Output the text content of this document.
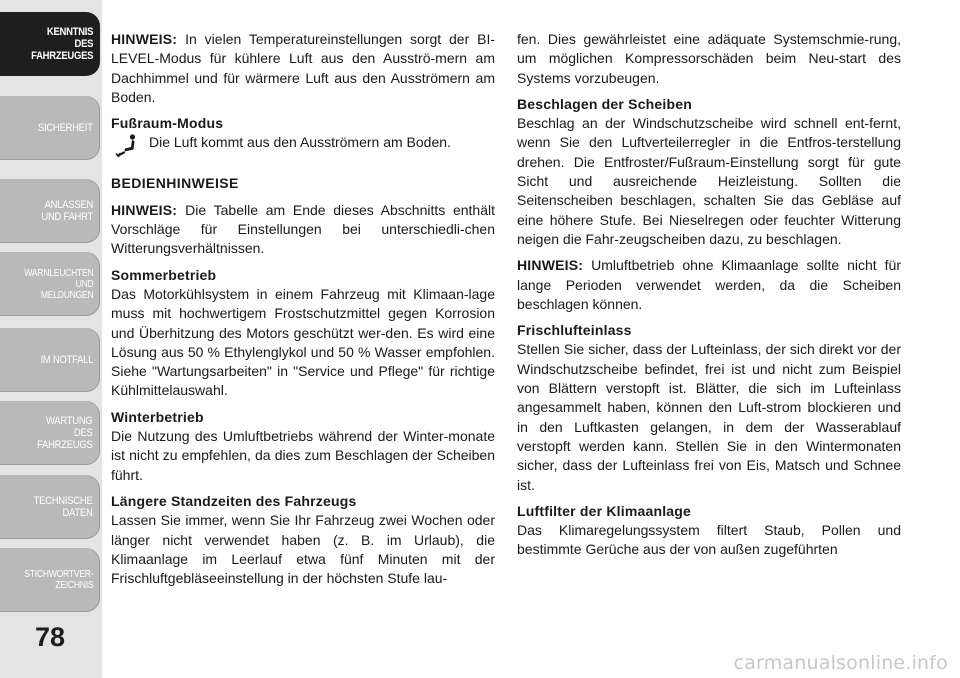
KENNTNIS
DES
FAHRZEUGES
SICHERHEIT
ANLASSEN
UND FAHRT
WARNLEUCHTEN
UND
MELDUNGEN
IM NOTFALL
WARTUNG
DES
FAHRZEUGS
TECHNISCHE
DATEN
STICHWORTVER-
ZEICHNIS
78

HINWEIS: In vielen Temperatureinstellungen sorgt der BI-LEVEL-Modus für kühlere Luft aus den Ausströ-mern am Dachhimmel und für wärmere Luft aus den Ausströmern am Boden.

Fußraum-Modus

Die Luft kommt aus den Ausströmern am Boden.

BEDIENHINWEISE

HINWEIS: Die Tabelle am Ende dieses Abschnitts enthält Vorschläge für Einstellungen bei unterschiedli-chen Witterungsverhältnissen.

Sommerbetrieb

Das Motorkühlsystem in einem Fahrzeug mit Klimaan-lage muss mit hochwertigem Frostschutzmittel gegen Korrosion und Überhitzung des Motors geschützt wer-den. Es wird eine Lösung aus 50 % Ethylenglykol und 50 % Wasser empfohlen. Siehe "Wartungsarbeiten" in "Service und Pflege" für richtige Kühlmittelauswahl.

Winterbetrieb

Die Nutzung des Umluftbetriebs während der Winter-monate ist nicht zu empfehlen, da dies zum Beschlagen der Scheiben führt.

Längere Standzeiten des Fahrzeugs

Lassen Sie immer, wenn Sie Ihr Fahrzeug zwei Wochen oder länger nicht verwendet haben (z. B. im Urlaub), die Klimaanlage im Leerlauf etwa fünf Minuten mit der Frischluftgebläseeinstellung in der höchsten Stufe lau-

fen. Dies gewährleistet eine adäquate Systemschmie-rung, um möglichen Kompressorschäden beim Neu-start des Systems vorzubeugen.

Beschlagen der Scheiben

Beschlag an der Windschutzscheibe wird schnell ent-fernt, wenn Sie den Luftverteilerregler in die Entfros-terstellung drehen. Die Entfroster/Fußraum-Einstellung sorgt für gute Sicht und ausreichende Heizleistung. Sollten die Seitenscheiben beschlagen, schalten Sie das Gebläse auf eine höhere Stufe. Bei Nieselregen oder feuchter Witterung neigen die Fahr-zeugscheiben dazu, zu beschlagen.

HINWEIS: Umluftbetrieb ohne Klimaanlage sollte nicht für lange Perioden verwendet werden, da die Scheiben beschlagen können.

Frischlufteinlass

Stellen Sie sicher, dass der Lufteinlass, der sich direkt vor der Windschutzscheibe befindet, frei ist und nicht zum Beispiel von Blättern verstopft ist. Blätter, die sich im Lufteinlass angesammelt haben, können den Luft-strom blockieren und in den Luftkasten gelangen, in dem der Wasserablauf verstopft werden kann. Stellen Sie in den Wintermonaten sicher, dass der Lufteinlass frei von Eis, Matsch und Schnee ist.

Luftfilter der Klimaanlage

Das Klimaregelungssystem filtert Staub, Pollen und bestimmte Gerüche aus der von außen zugeführten

carmanualsonline.info
